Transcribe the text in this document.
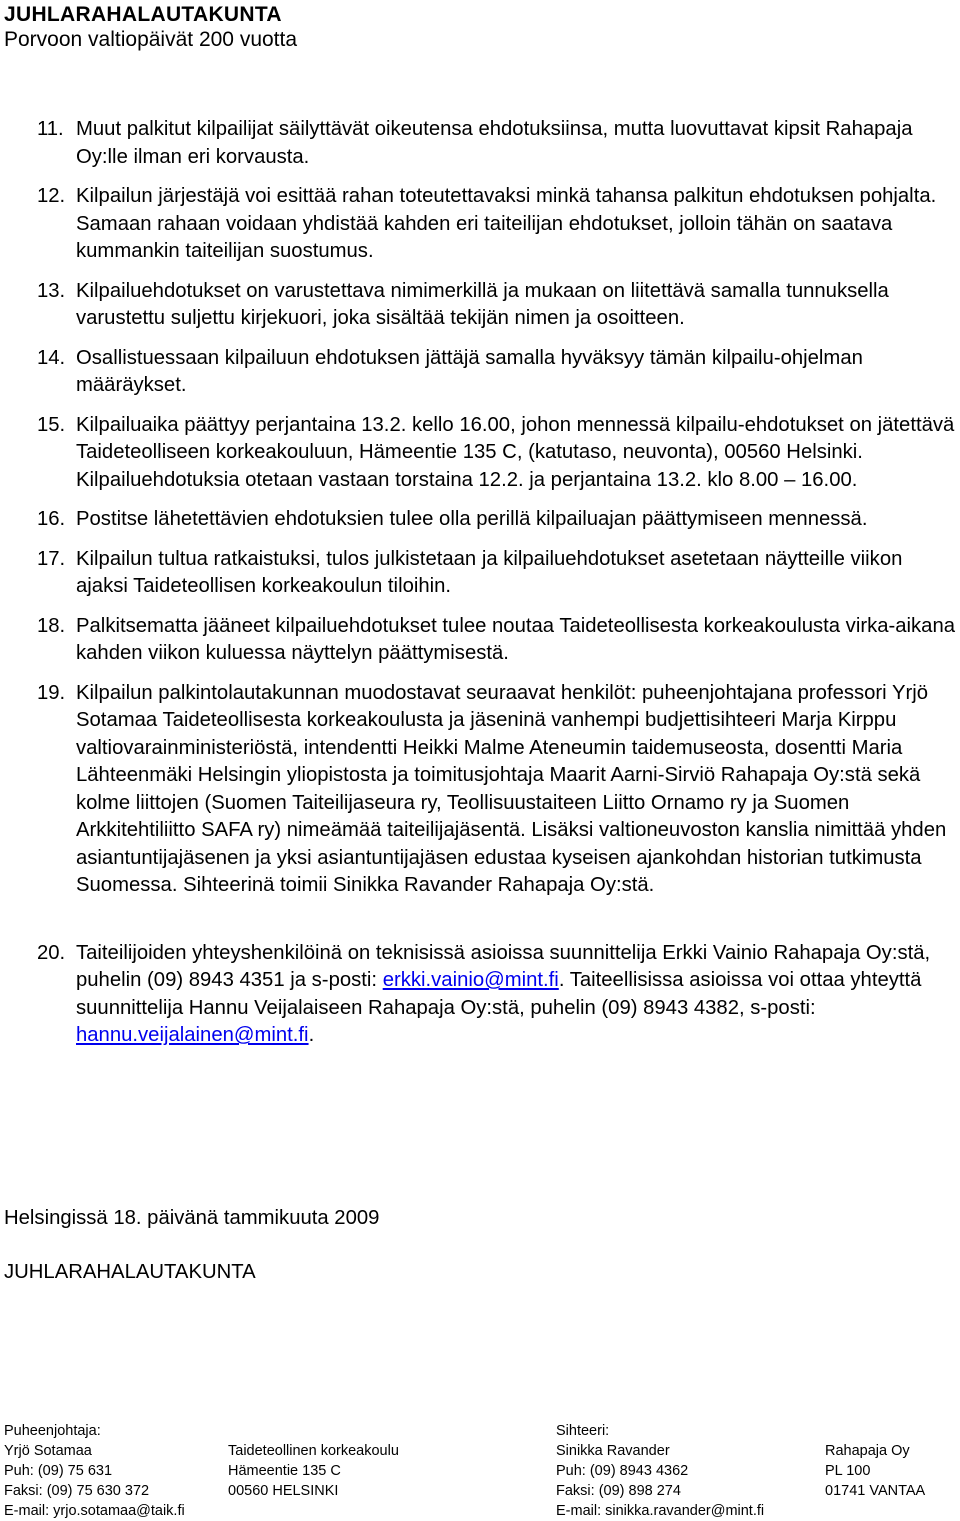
JUHLARAHALAUTAKUNTA
Porvoon valtiopäivät 200 vuotta
11. Muut palkitut kilpailijat säilyttävät oikeutensa ehdotuksiinsa, mutta luovuttavat kipsit Rahapaja Oy:lle ilman eri korvausta.
12. Kilpailun järjestäjä voi esittää rahan toteutettavaksi minkä tahansa palkitun ehdotuksen pohjalta. Samaan rahaan voidaan yhdistää kahden eri taiteilijan ehdotukset, jolloin tähän on saatava kummankin taiteilijan suostumus.
13. Kilpailuehdotukset on varustettava nimimerkillä ja mukaan on liitettävä samalla tunnuksella varustettu suljettu kirjekuori, joka sisältää tekijän nimen ja osoitteen.
14. Osallistuessaan kilpailuun ehdotuksen jättäjä samalla hyväksyy tämän kilpailu-ohjelman määräykset.
15. Kilpailuaika päättyy perjantaina 13.2. kello 16.00, johon mennessä kilpailu-ehdotukset on jätettävä Taideteolliseen korkeakouluun, Hämeentie 135 C, (katutaso, neuvonta), 00560 Helsinki. Kilpailuehdotuksia otetaan vastaan torstaina 12.2. ja perjantaina 13.2. klo 8.00 – 16.00.
16. Postitse lähetettävien ehdotuksien tulee olla perillä kilpailuajan päättymiseen mennessä.
17. Kilpailun tultua ratkaistuksi, tulos julkistetaan ja kilpailuehdotukset asetetaan näytteille viikon ajaksi Taideteollisen korkeakoulun tiloihin.
18. Palkitsematta jääneet kilpailuehdotukset tulee noutaa Taideteollisesta korkeakoulusta virka-aikana kahden viikon kuluessa näyttelyn päättymisestä.
19. Kilpailun palkintolautakunnan muodostavat seuraavat henkilöt: puheenjohtajana professori Yrjö Sotamaa Taideteollisesta korkeakoulusta ja jäseninä vanhempi budjettisihteeri Marja Kirppu valtiovarainministeriöstä, intendentti Heikki Malme Ateneumin taidemuseosta, dosentti Maria Lähteenmäki Helsingin yliopistosta ja toimitusjohtaja Maarit Aarni-Sirviö Rahapaja Oy:stä sekä kolme liittojen (Suomen Taiteilijaseura ry, Teollisuustaiteen Liitto Ornamo ry ja Suomen Arkkitehtiliitto SAFA ry) nimeämää taiteilijajäsentä. Lisäksi valtioneuvoston kanslia nimittää yhden asiantuntijajäsenen ja yksi asiantuntijajäsen edustaa kyseisen ajankohdan historian tutkimusta Suomessa. Sihteerinä toimii Sinikka Ravander Rahapaja Oy:stä.
20. Taiteilijoiden yhteyshenkilöinä on teknisissä asioissa suunnittelija Erkki Vainio Rahapaja Oy:stä, puhelin (09) 8943 4351 ja s-posti: erkki.vainio@mint.fi. Taiteellisissa asioissa voi ottaa yhteyttä suunnittelija Hannu Veijalaiseen Rahapaja Oy:stä, puhelin (09) 8943 4382, s-posti: hannu.veijalainen@mint.fi.
Helsingissä 18. päivänä tammikuuta 2009
JUHLARAHALAUTAKUNTA
Puheenjohtaja:
Yrjö Sotamaa
Puh: (09) 75 631
Faksi: (09) 75 630 372
E-mail: yrjo.sotamaa@taik.fi

Taideteollinen korkeakoulu
Hämeentie 135 C
00560 HELSINKI
Sihteeri:
Sinikka Ravander
Puh: (09) 8943 4362
Faksi: (09) 898 274
E-mail: sinikka.ravander@mint.fi

Rahapaja Oy
PL 100
01741 VANTAA
